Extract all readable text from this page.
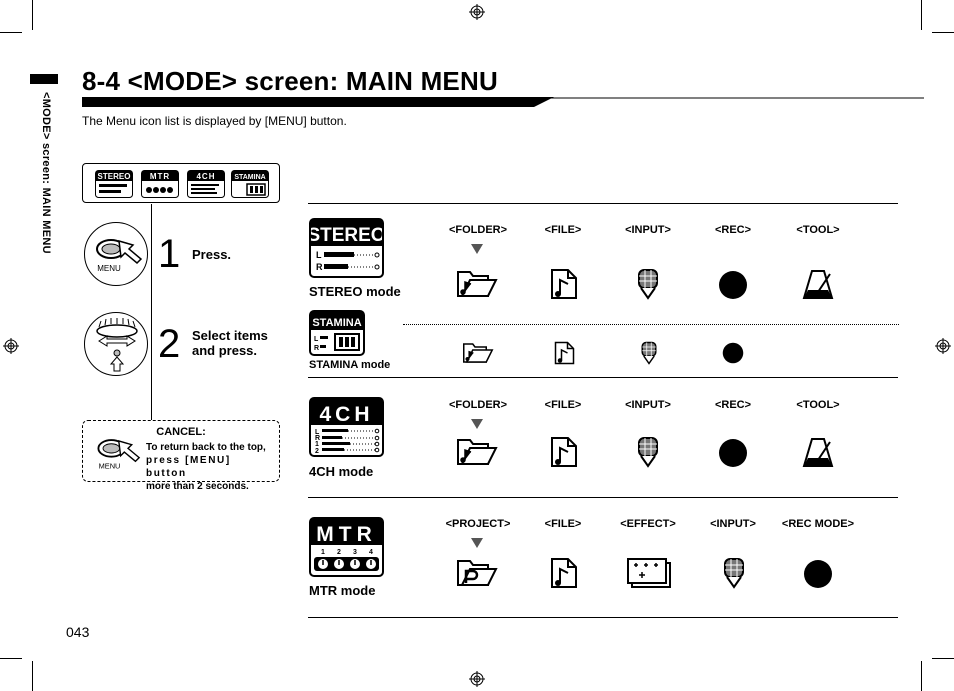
<MODE> screen: MAIN MENU
8-4 <MODE> screen: MAIN MENU
The Menu icon list is displayed by [MENU] button.
STEREO MTR	4CH	STAMINA
MENU 1 Press.
2 Select items
and press.
CANCEL:
MENU
To return back to the top,
press [MENU] button
more than 2 seconds.
STEREO
L
R
STEREO mode
<FOLDER>	<FILE>	<INPUT>	<REC>	<TOOL>
STAMINA
L
R
STAMINA mode
4CH
L
R
1
2
4CH mode
<FOLDER>	<FILE>	<INPUT>	<REC>	<TOOL>
MTR
1 2 3 4
MTR mode
<PROJECT>	<FILE>	<EFFECT>	<INPUT>	<REC MODE>
043
